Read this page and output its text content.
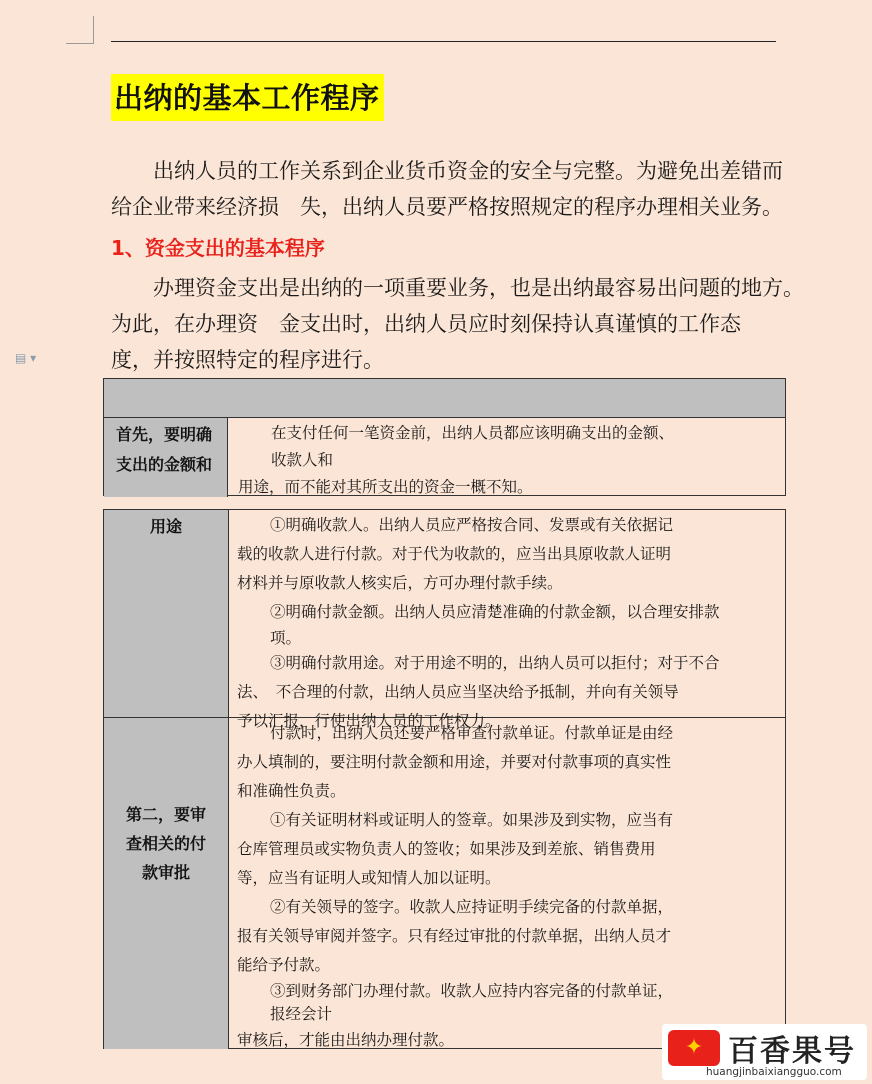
出纳的基本工作程序
　　出纳人员的工作关系到企业货币资金的安全与完整。为避免出差错而
给企业带来经济损　失，出纳人员要严格按照规定的程序办理相关业务。
1、资金支出的基本程序
　　办理资金支出是出纳的一项重要业务，也是出纳最容易出问题的地方。
为此，在办理资　金支出时，出纳人员应时刻保持认真谨慎的工作态
度，并按照特定的程序进行。
▤ ▾
首先，要明确
支出的金额和
在支付任何一笔资金前，出纳人员都应该明确支出的金额、
收款人和
用途，而不能对其所支出的资金一概不知。
用途	①明确收款人。出纳人员应严格按合同、发票或有关依据记
载的收款人进行付款。对于代为收款的，应当出具原收款人证明
材料并与原收款人核实后，方可办理付款手续。
②明确付款金额。出纳人员应清楚准确的付款金额，以合理安排款
项。
③明确付款用途。对于用途不明的，出纳人员可以拒付；对于不合
法、　不合理的付款，出纳人员应当坚决给予抵制，并向有关领导
予以汇报，行使出纳人员的工作权力。
第二，要审
查相关的付
款审批
付款时，出纳人员还要严格审查付款单证。付款单证是由经
办人填制的，要注明付款金额和用途，并要对付款事项的真实性
和准确性负责。
①有关证明材料或证明人的签章。如果涉及到实物，应当有
仓库管理员或实物负责人的签收；如果涉及到差旅、销售费用
等，应当有证明人或知情人加以证明。
②有关领导的签字。收款人应持证明手续完备的付款单据，
报有关领导审阅并签字。只有经过审批的付款单据，出纳人员才
能给予付款。
③到财务部门办理付款。收款人应持内容完备的付款单证，
报经会计
审核后，才能由出纳办理付款。	✦ 百香果号
huangjinbaixiangguo.com
